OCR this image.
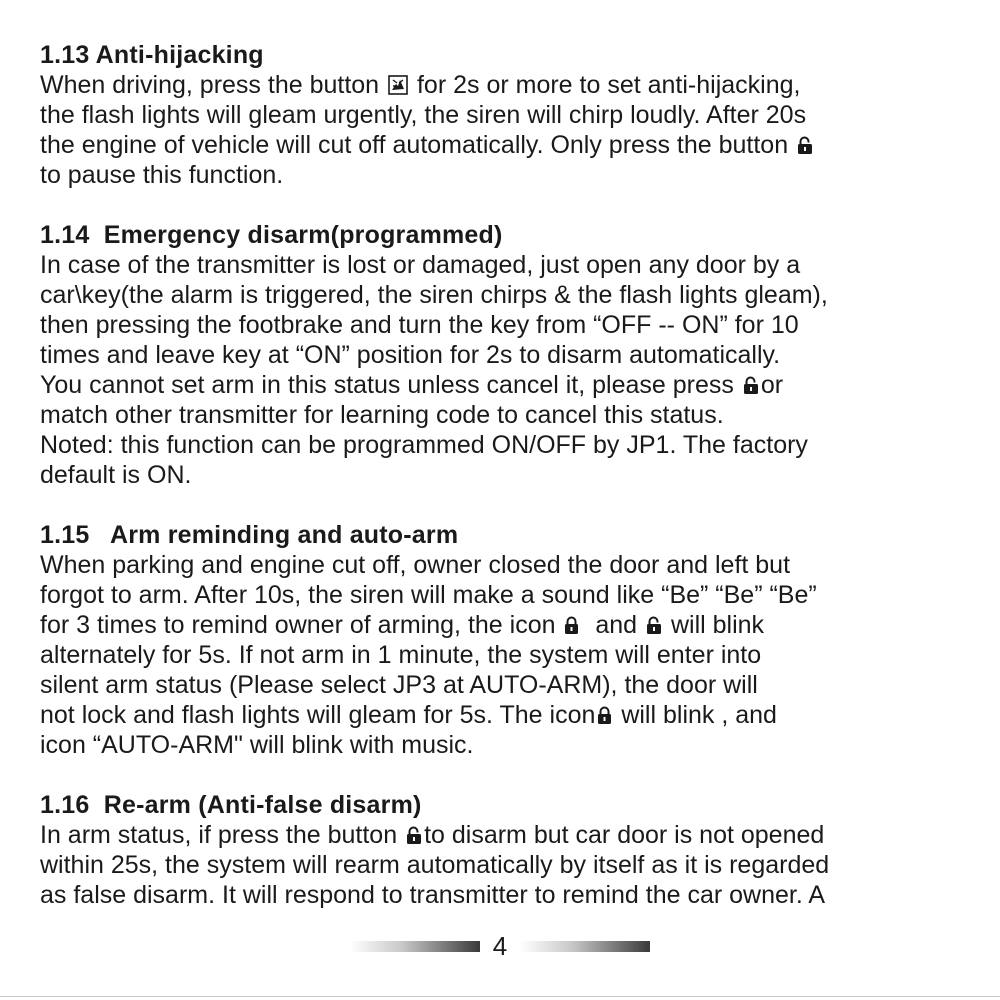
1.13 Anti-hijacking
When driving, press the button
for 2s or more to set anti-hijacking,
the flash lights will gleam urgently, the siren will chirp loudly. After 20s
the engine of vehicle will cut off automatically. Only press the button
to pause this function.
1.14  Emergency disarm(programmed)
In case of the transmitter is lost or damaged, just open any door by a
car\key(the alarm is triggered, the siren chirps & the flash lights gleam),
then pressing the footbrake and turn the key from “OFF -- ON” for 10
times and leave key at “ON” position for 2s to disarm automatically.
You cannot set arm in this status unless cancel it, please press
or
match other transmitter for learning code to cancel this status.
Noted: this function can be programmed ON/OFF by JP1. The factory
default is ON.
1.15   Arm reminding and auto-arm
When parking and engine cut off, owner closed the door and left but
forgot to arm. After 10s, the siren will make a sound like “Be” “Be” “Be”
for 3 times to remind owner of arming, the icon
and
will blink
alternately for 5s. If not arm in 1 minute, the system will enter into
silent arm status (Please select JP3 at AUTO-ARM), the door will
not lock and flash lights will gleam for 5s. The icon
will blink , and
icon “AUTO-ARM" will blink with music.
1.16  Re-arm (Anti-false disarm)
In arm status, if press the button
to disarm but car door is not opened
within 25s, the system will rearm automatically by itself as it is regarded
as false disarm. It will respond to transmitter to remind the car owner. A
4
